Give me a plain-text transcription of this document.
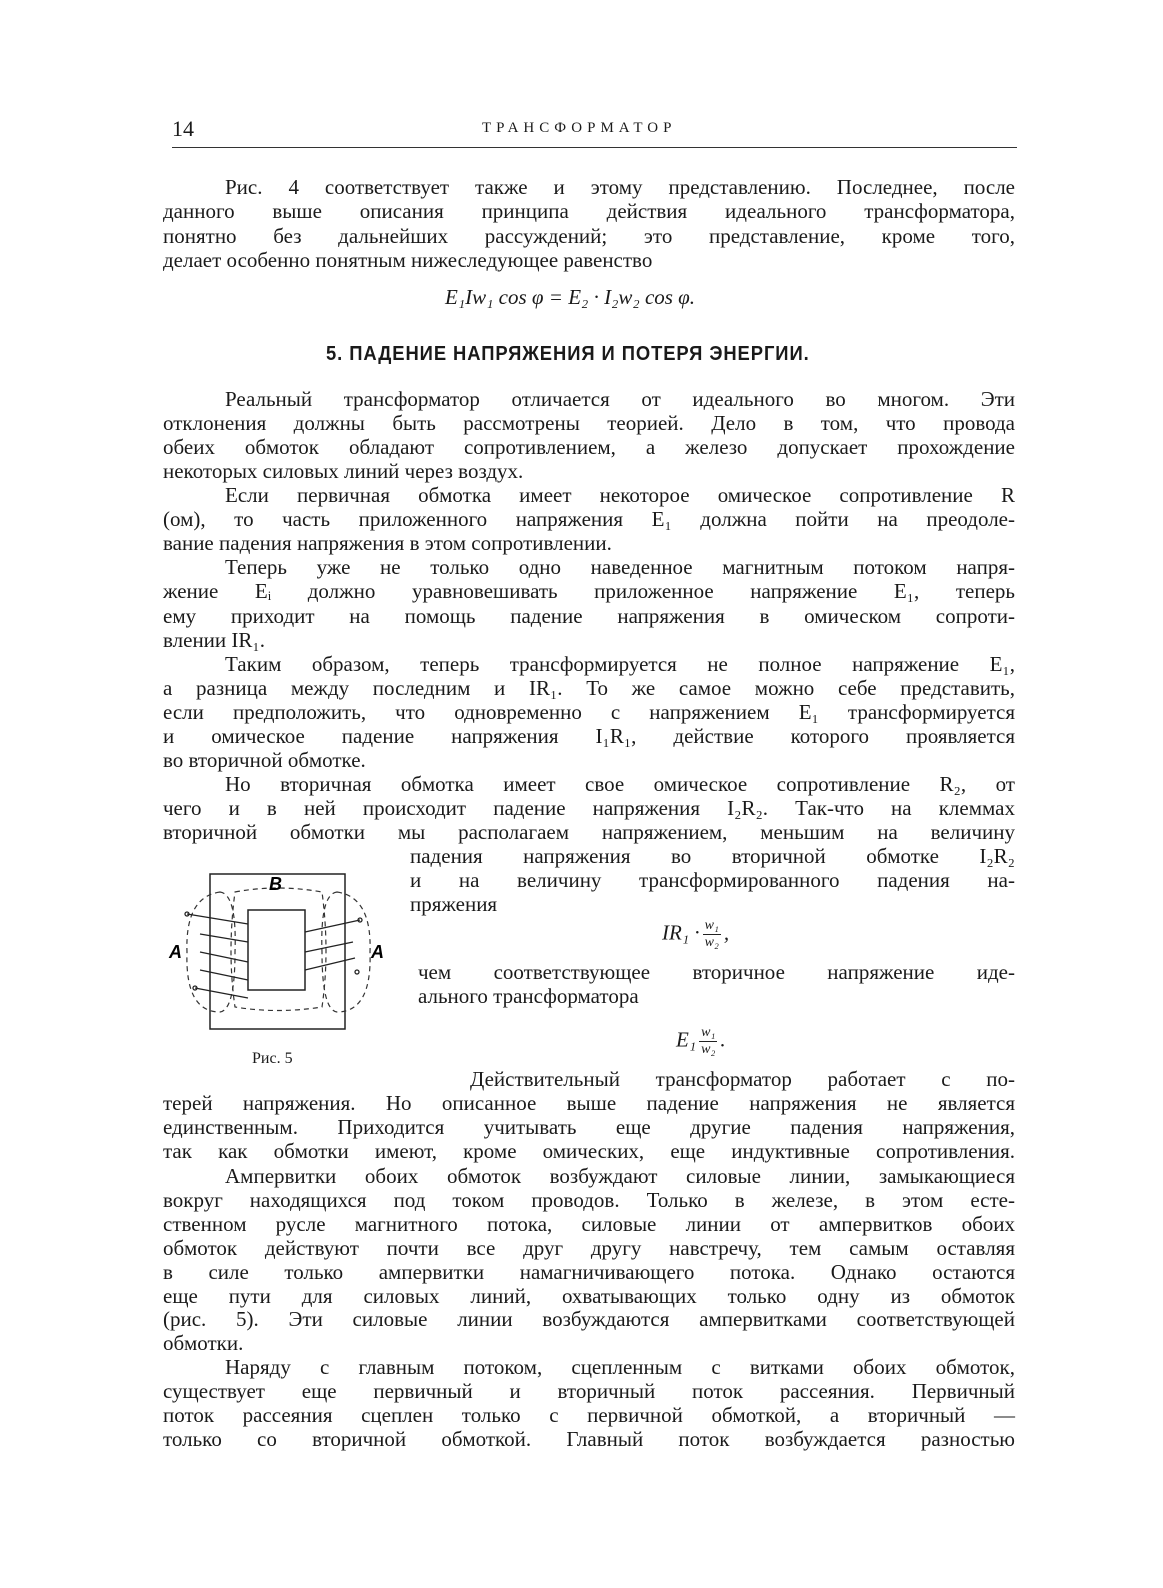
14	ТРАНСФОРМАТОР
Рис. 4 соответствует также и этому представлению. Последнее, после
данного выше описания принципа действия идеального трансформатора,
понятно без дальнейших рассуждений; это представление, кроме того,
делает особенно понятным нижеследующее равенство
Реальный трансформатор отличается от идеального во многом. Эти
отклонения должны быть рассмотрены теорией. Дело в том, что провода
обеих обмоток обладают сопротивлением, а железо допускает прохождение
некоторых силовых линий через воздух.
Если первичная обмотка имеет некоторое омическое сопротивление R
(ом), то часть приложенного напряжения E₁ должна пойти на преодоле-
вание падения напряжения в этом сопротивлении.
Теперь уже не только одно наведенное магнитным потоком напря-
жение Eᵢ должно уравновешивать приложенное напряжение E₁, теперь
ему приходит на помощь падение напряжения в омическом сопроти-
влении IR₁.
Таким образом, теперь трансформируется не полное напряжение E₁,
а разница между последним и IR₁. То же самое можно себе представить,
если предположить, что одновременно с напряжением E₁ трансформируется
и омическое падение напряжения I₁R₁, действие которого проявляется
во вторичной обмотке.
Но вторичная обмотка имеет свое омическое сопротивление R₂, от
чего и в ней происходит падение напряжения I₂R₂. Так-что на клеммах
вторичной обмотки мы располагаем напряжением, меньшим на величину
падения напряжения во вторичной обмотке I₂R₂
и на величину трансформированного падения на-
пряжения
чем соответствующее вторичное напряжение иде-
ального трансформатора
Действительный трансформатор работает с по-
терей напряжения. Но описанное выше падение напряжения не является
единственным. Приходится учитывать еще другие падения напряжения,
так как обмотки имеют, кроме омических, еще индуктивные сопротивления.
Ампервитки обоих обмоток возбуждают силовые линии, замыкающиеся
вокруг находящихся под током проводов. Только в железе, в этом есте-
ственном русле магнитного потока, силовые линии от ампервитков обоих
обмоток действуют почти все друг другу навстречу, тем самым оставляя
в силе только ампервитки намагничивающего потока. Однако остаются
еще пути для силовых линий, охватывающих только одну из обмоток
(рис. 5). Эти силовые линии возбуждаются ампервитками соответствующей
обмотки.
Наряду с главным потоком, сцепленным с витками обоих обмоток,
существует еще первичный и вторичный поток рассеяния. Первичный
поток рассеяния сцеплен только с первичной обмоткой, а вторичный —
только со вторичной обмоткой. Главный поток возбуждается разностью
E₁Iw₁ cos φ = E₂ · I₂w₂ cos φ.
5. ПАДЕНИЕ НАПРЯЖЕНИЯ И ПОТЕРЯ ЭНЕРГИИ.
$IR_1 \cdot \frac{\text{w₁}}{\text{w₂}}$ ,
$E_1 \frac{\text{w₁}}{\text{w₂}}$ .
B
A	A
Рис. 5
